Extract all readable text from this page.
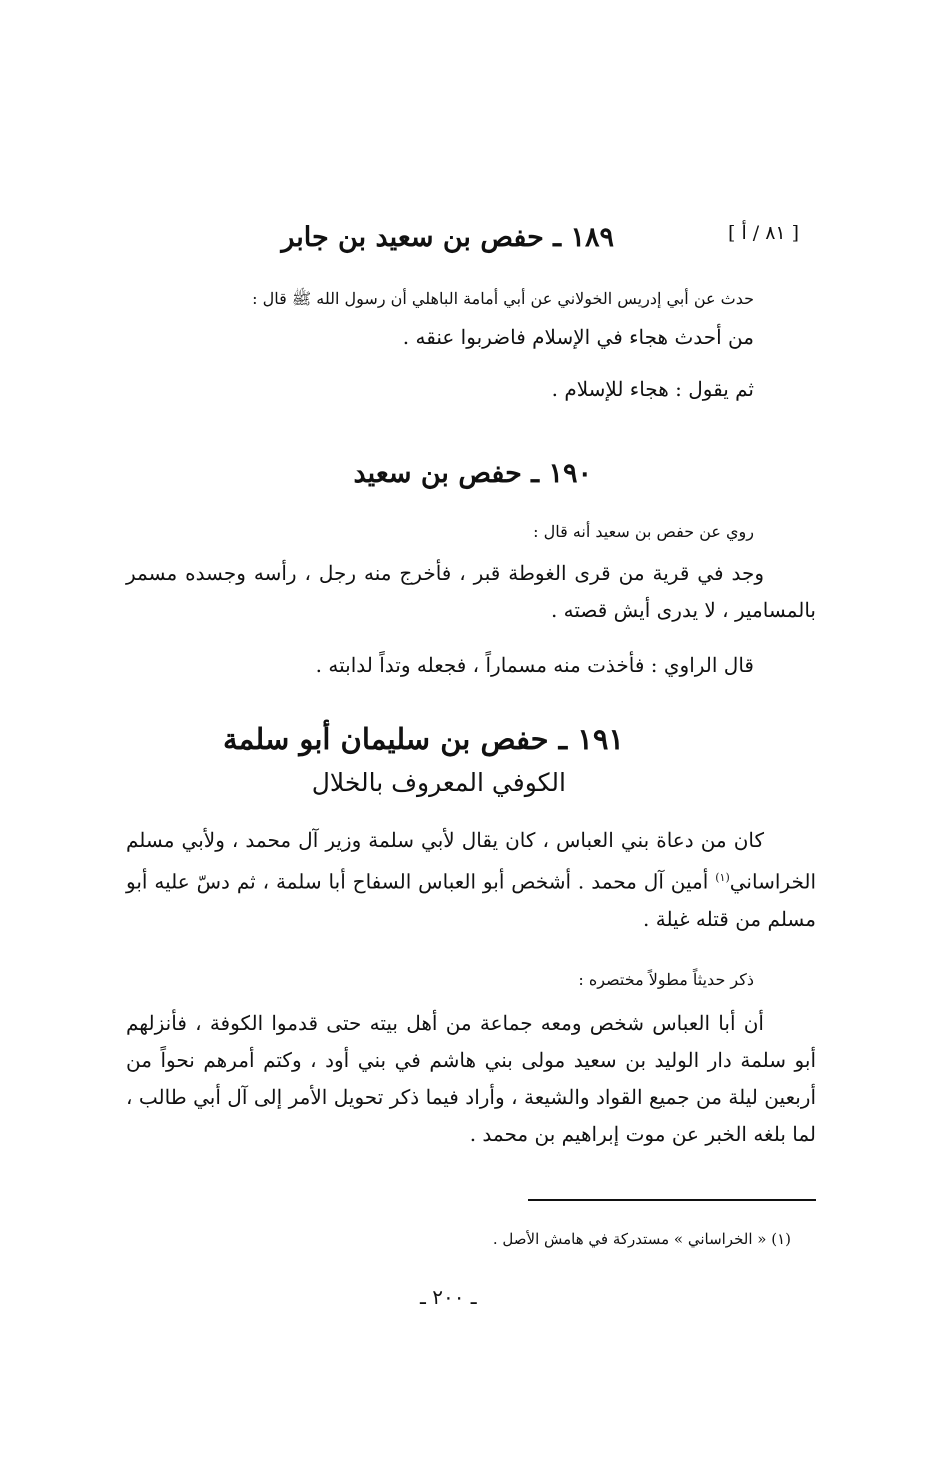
[ ٨١ / أ ]
١٨٩ ـ حفص بن سعيد بن جابر
حدث عن أبي إدريس الخولاني عن أبي أمامة الباهلي أن رسول الله ﷺ قال :
من أحدث هجاء في الإسلام فاضربوا عنقه .
ثم يقول : هجاء للإسلام .
١٩٠ ـ حفص بن سعيد
روي عن حفص بن سعيد أنه قال :
وجد في قرية من قرى الغوطة قبر ، فأخرج منه رجل ، رأسه وجسده مسمر بالمسامير ، لا يدرى أيش قصته .
قال الراوي : فأخذت منه مسماراً ، فجعله وتداً لدابته .
١٩١ ـ حفص بن سليمان أبو سلمة
الكوفي المعروف بالخلال
كان من دعاة بني العباس ، كان يقال لأبي سلمة وزير آل محمد ، ولأبي مسلم الخراساني$^{(١)}$ أمين آل محمد . أشخص أبو العباس السفاح أبا سلمة ، ثم دسّ عليه أبو مسلم من قتله غيلة .
ذكر حديثاً مطولاً مختصره :
أن أبا العباس شخص ومعه جماعة من أهل بيته حتى قدموا الكوفة ، فأنزلهم أبو سلمة دار الوليد بن سعيد مولى بني هاشم في بني أود ، وكتم أمرهم نحواً من أربعين ليلة من جميع القواد والشيعة ، وأراد فيما ذكر تحويل الأمر إلى آل أبي طالب ، لما بلغه الخبر عن موت إبراهيم بن محمد .
(١) « الخراساني » مستدركة في هامش الأصل .
ـ ٢٠٠ ـ
